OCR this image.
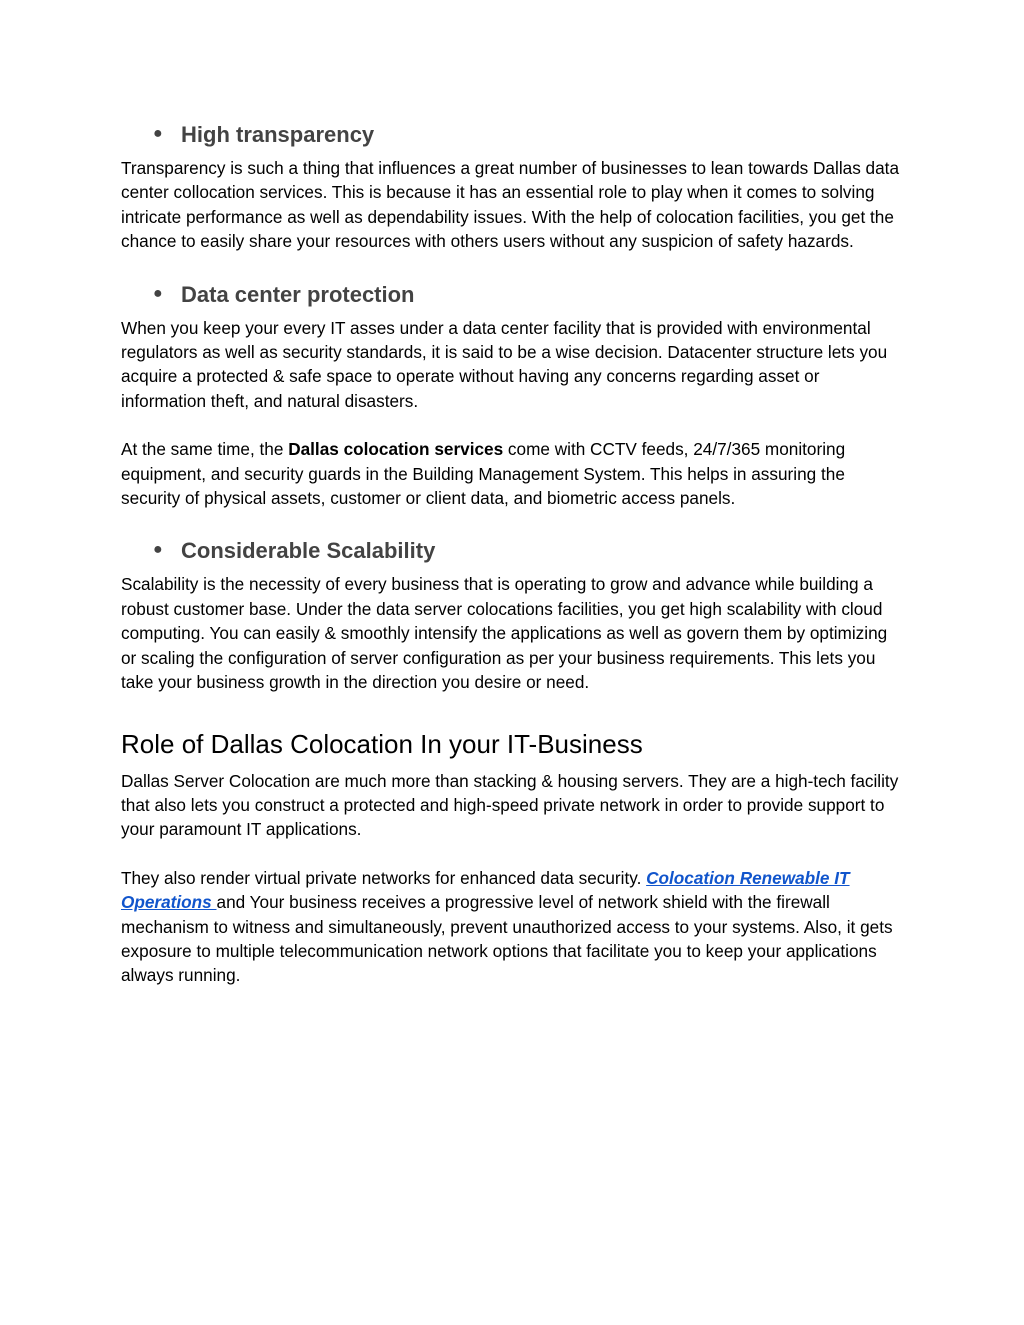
● High transparency

Transparency is such a thing that influences a great number of businesses to lean towards Dallas data center collocation services. This is because it has an essential role to play when it comes to solving intricate performance as well as dependability issues. With the help of colocation facilities, you get the chance to easily share your resources with others users without any suspicion of safety hazards.

● Data center protection

When you keep your every IT asses under a data center facility that is provided with environmental regulators as well as security standards, it is said to be a wise decision. Datacenter structure lets you acquire a protected & safe space to operate without having any concerns regarding asset or information theft, and natural disasters.

At the same time, the Dallas colocation services come with CCTV feeds, 24/7/365 monitoring equipment, and security guards in the Building Management System. This helps in assuring the security of physical assets, customer or client data, and biometric access panels.

● Considerable Scalability

Scalability is the necessity of every business that is operating to grow and advance while building a robust customer base. Under the data server colocations facilities, you get high scalability with cloud computing. You can easily & smoothly intensify the applications as well as govern them by optimizing or scaling the configuration of server configuration as per your business requirements. This lets you take your business growth in the direction you desire or need.

Role of Dallas Colocation In your IT-Business

Dallas Server Colocation are much more than stacking & housing servers. They are a high-tech facility that also lets you construct a protected and high-speed private network in order to provide support to your paramount IT applications.

They also render virtual private networks for enhanced data security. Colocation Renewable IT Operations and Your business receives a progressive level of network shield with the firewall mechanism to witness and simultaneously, prevent unauthorized access to your systems. Also, it gets exposure to multiple telecommunication network options that facilitate you to keep your applications always running.
